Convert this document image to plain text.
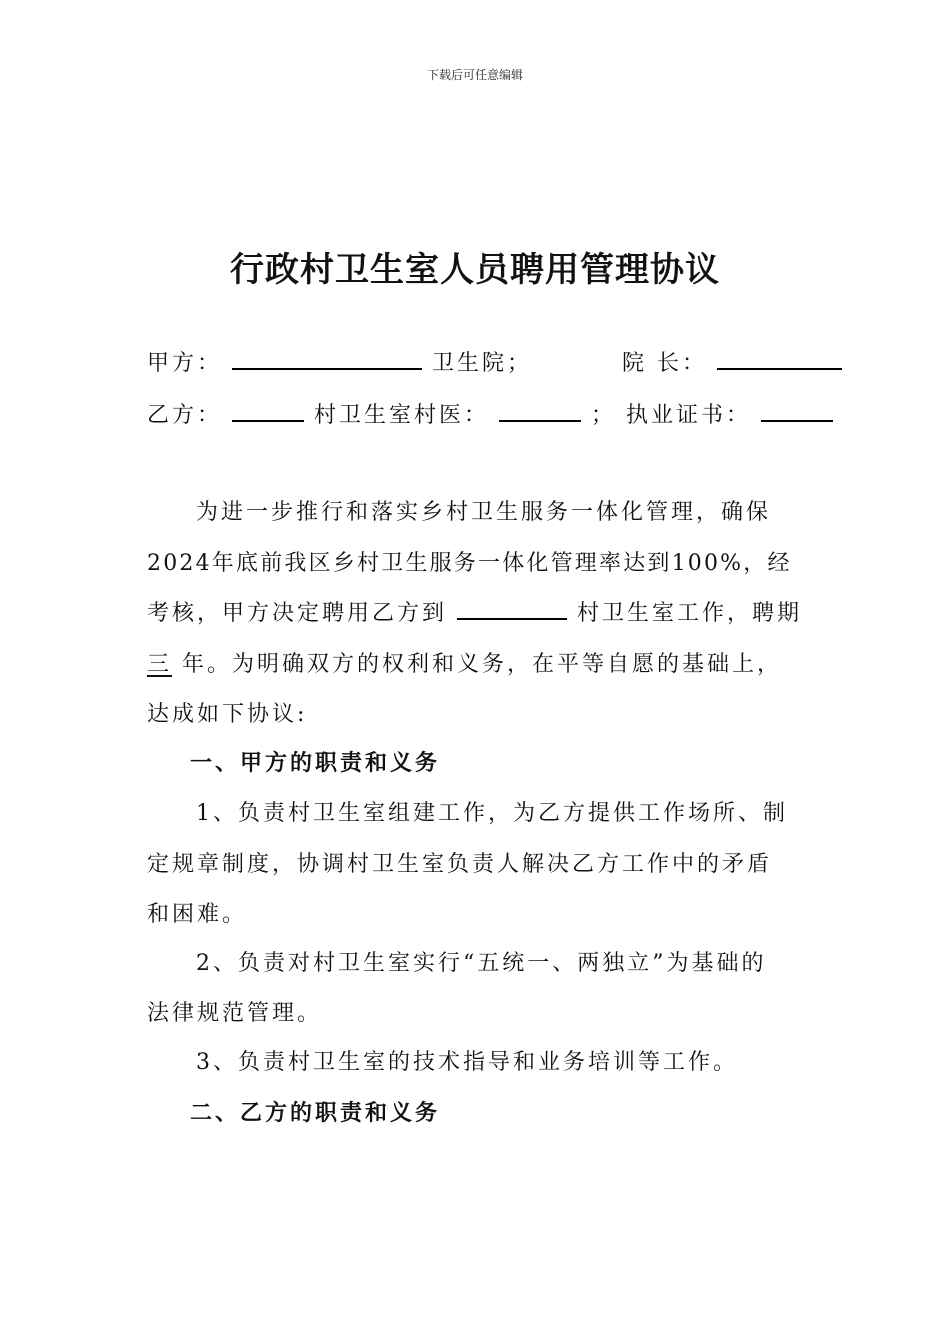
下载后可任意编辑
行政村卫生室人员聘用管理协议
甲方：	卫生院；	院 长：
乙方：	村卫生室村医：	； 执业证书：
为进一步推行和落实乡村卫生服务一体化管理，确保
2024年底前我区乡村卫生服务一体化管理率达到100%，经
考核，甲方决定聘用乙方到	村卫生室工作，聘期
三 年。为明确双方的权利和义务，在平等自愿的基础上，
达成如下协议:
一、甲方的职责和义务
1、负责村卫生室组建工作，为乙方提供工作场所、制
定规章制度，协调村卫生室负责人解决乙方工作中的矛盾
和困难。
2、负责对村卫生室实行“五统一、两独立”为基础的
法律规范管理。
3、负责村卫生室的技术指导和业务培训等工作。
二、乙方的职责和义务
